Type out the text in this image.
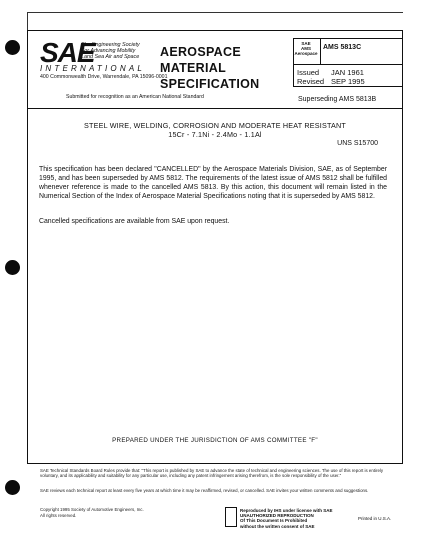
SAE
The Engineering Society
For Advancing Mobility
Land Sea Air and Space
INTERNATIONAL
400 Commonwealth Drive, Warrendale, PA 15096-0001
AEROSPACE
MATERIAL
SPECIFICATION
SAE
AMS
Aerospace
AMS 5813C
Issued JAN 1961
Revised SEP 1995
Superseding AMS 5813B
Submitted for recognition as an American National Standard
STEEL WIRE, WELDING, CORROSION AND MODERATE HEAT RESISTANT
15Cr - 7.1Ni - 2.4Mo - 1.1Al
UNS S15700
This specification has been declared "CANCELLED" by the Aerospace Materials Division, SAE, as of September 1995, and has been superseded by AMS 5812. The requirements of the latest issue of AMS 5812 shall be fulfilled whenever reference is made to the cancelled AMS 5813. By this action, this document will remain listed in the Numerical Section of the Index of Aerospace Material Specifications noting that it is superseded by AMS 5812.
Cancelled specifications are available from SAE upon request.
PREPARED UNDER THE JURISDICTION OF AMS COMMITTEE "F"
SAE Technical Standards Board Rules provide that: "This report is published by SAE to advance the state of technical and engineering sciences. The use of this report is entirely voluntary, and its applicability and suitability for any particular use, including any patent infringement arising therefrom, is the sole responsibility of the user."
SAE reviews each technical report at least every five years at which time it may be reaffirmed, revised, or cancelled. SAE invites your written comments and suggestions.
Copyright 1995 Society of Automotive Engineers, Inc.
All rights reserved.
Reproduced by IHS under license with SAE
UNAUTHORIZED REPRODUCTION
Of This Document Is Prohibited
without the written consent of SAE
Printed in U.S.A.
